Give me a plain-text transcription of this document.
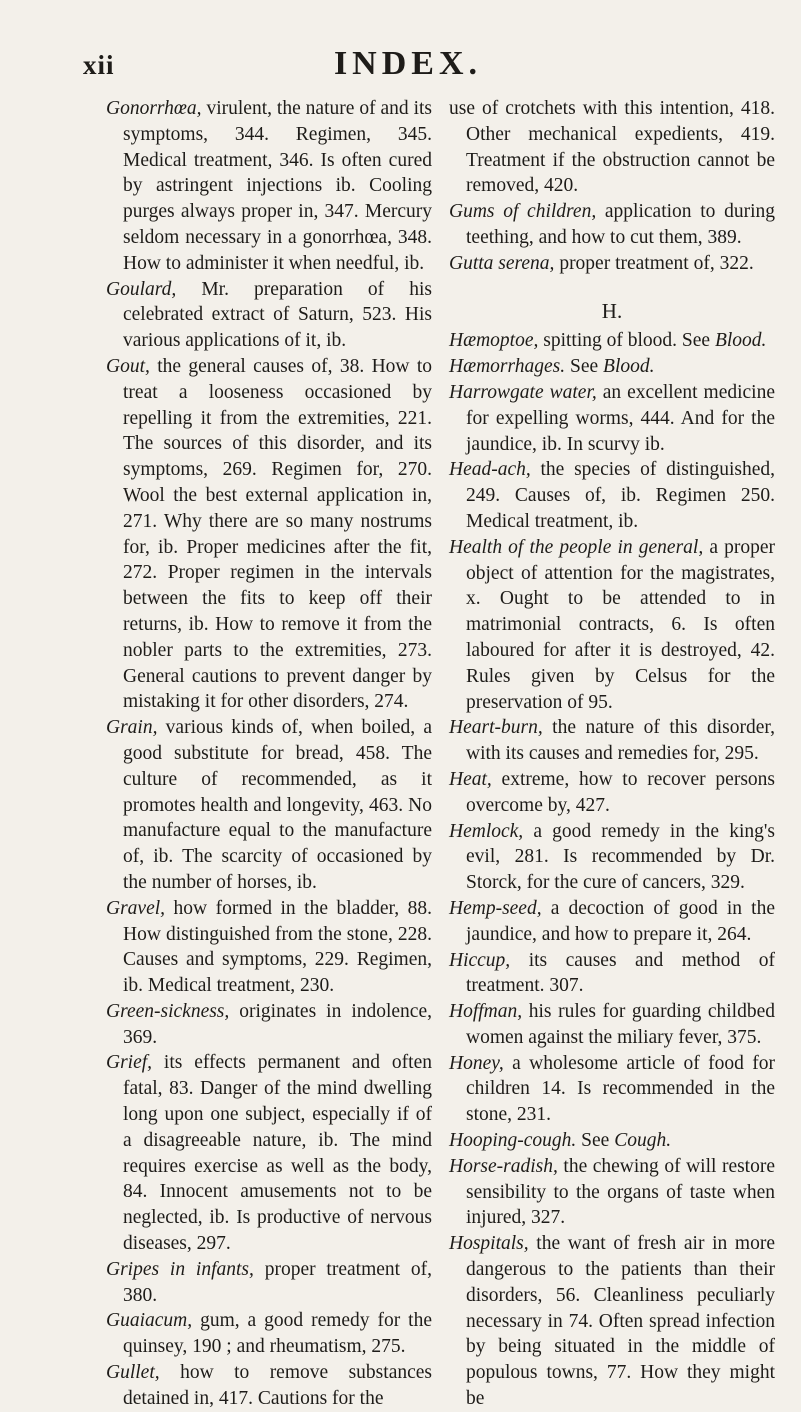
xii	INDEX.

Gonorrhœa, virulent, the nature of and its symptoms, 344. Regimen, 345. Medical treatment, 346. Is often cured by astringent injections ib. Cooling purges always proper in, 347. Mercury seldom necessary in a gonorrhœa, 348. How to administer it when needful, ib.

Goulard, Mr. preparation of his celebrated extract of Saturn, 523. His various applications of it, ib.

Gout, the general causes of, 38. How to treat a looseness occasioned by repelling it from the extremities, 221. The sources of this disorder, and its symptoms, 269. Regimen for, 270. Wool the best external application in, 271. Why there are so many nostrums for, ib. Proper medicines after the fit, 272. Proper regimen in the intervals between the fits to keep off their returns, ib. How to remove it from the nobler parts to the extremities, 273. General cautions to prevent danger by mistaking it for other disorders, 274.

Grain, various kinds of, when boiled, a good substitute for bread, 458. The culture of recommended, as it promotes health and longevity, 463. No manufacture equal to the manufacture of, ib. The scarcity of occasioned by the number of horses, ib.

Gravel, how formed in the bladder, 88. How distinguished from the stone, 228. Causes and symptoms, 229. Regimen, ib. Medical treatment, 230.

Green-sickness, originates in indolence, 369.

Grief, its effects permanent and often fatal, 83. Danger of the mind dwelling long upon one subject, especially if of a disagreeable nature, ib. The mind requires exercise as well as the body, 84. Innocent amusements not to be neglected, ib. Is productive of nervous diseases, 297.

Gripes in infants, proper treatment of, 380.

Guaiacum, gum, a good remedy for the quinsey, 190 ; and rheumatism, 275.

Gullet, how to remove substances detained in, 417. Cautions for the

use of crotchets with this intention, 418. Other mechanical expedients, 419. Treatment if the obstruction cannot be removed, 420.

Gums of children, application to during teething, and how to cut them, 389.

Gutta serena, proper treatment of, 322.

H.

Hæmoptoe, spitting of blood. See Blood.

Hæmorrhages. See Blood.

Harrowgate water, an excellent medicine for expelling worms, 444. And for the jaundice, ib. In scurvy ib.

Head-ach, the species of distinguished, 249. Causes of, ib. Regimen 250. Medical treatment, ib.

Health of the people in general, a proper object of attention for the magistrates, x. Ought to be attended to in matrimonial contracts, 6. Is often laboured for after it is destroyed, 42. Rules given by Celsus for the preservation of 95.

Heart-burn, the nature of this disorder, with its causes and remedies for, 295.

Heat, extreme, how to recover persons overcome by, 427.

Hemlock, a good remedy in the king's evil, 281. Is recommended by Dr. Storck, for the cure of cancers, 329.

Hemp-seed, a decoction of good in the jaundice, and how to prepare it, 264.

Hiccup, its causes and method of treatment. 307.

Hoffman, his rules for guarding childbed women against the miliary fever, 375.

Honey, a wholesome article of food for children 14. Is recommended in the stone, 231.

Hooping-cough. See Cough.

Horse-radish, the chewing of will restore sensibility to the organs of taste when injured, 327.

Hospitals, the want of fresh air in more dangerous to the patients than their disorders, 56. Cleanliness peculiarly necessary in 74. Often spread infection by being situated in the middle of populous towns, 77. How they might be
